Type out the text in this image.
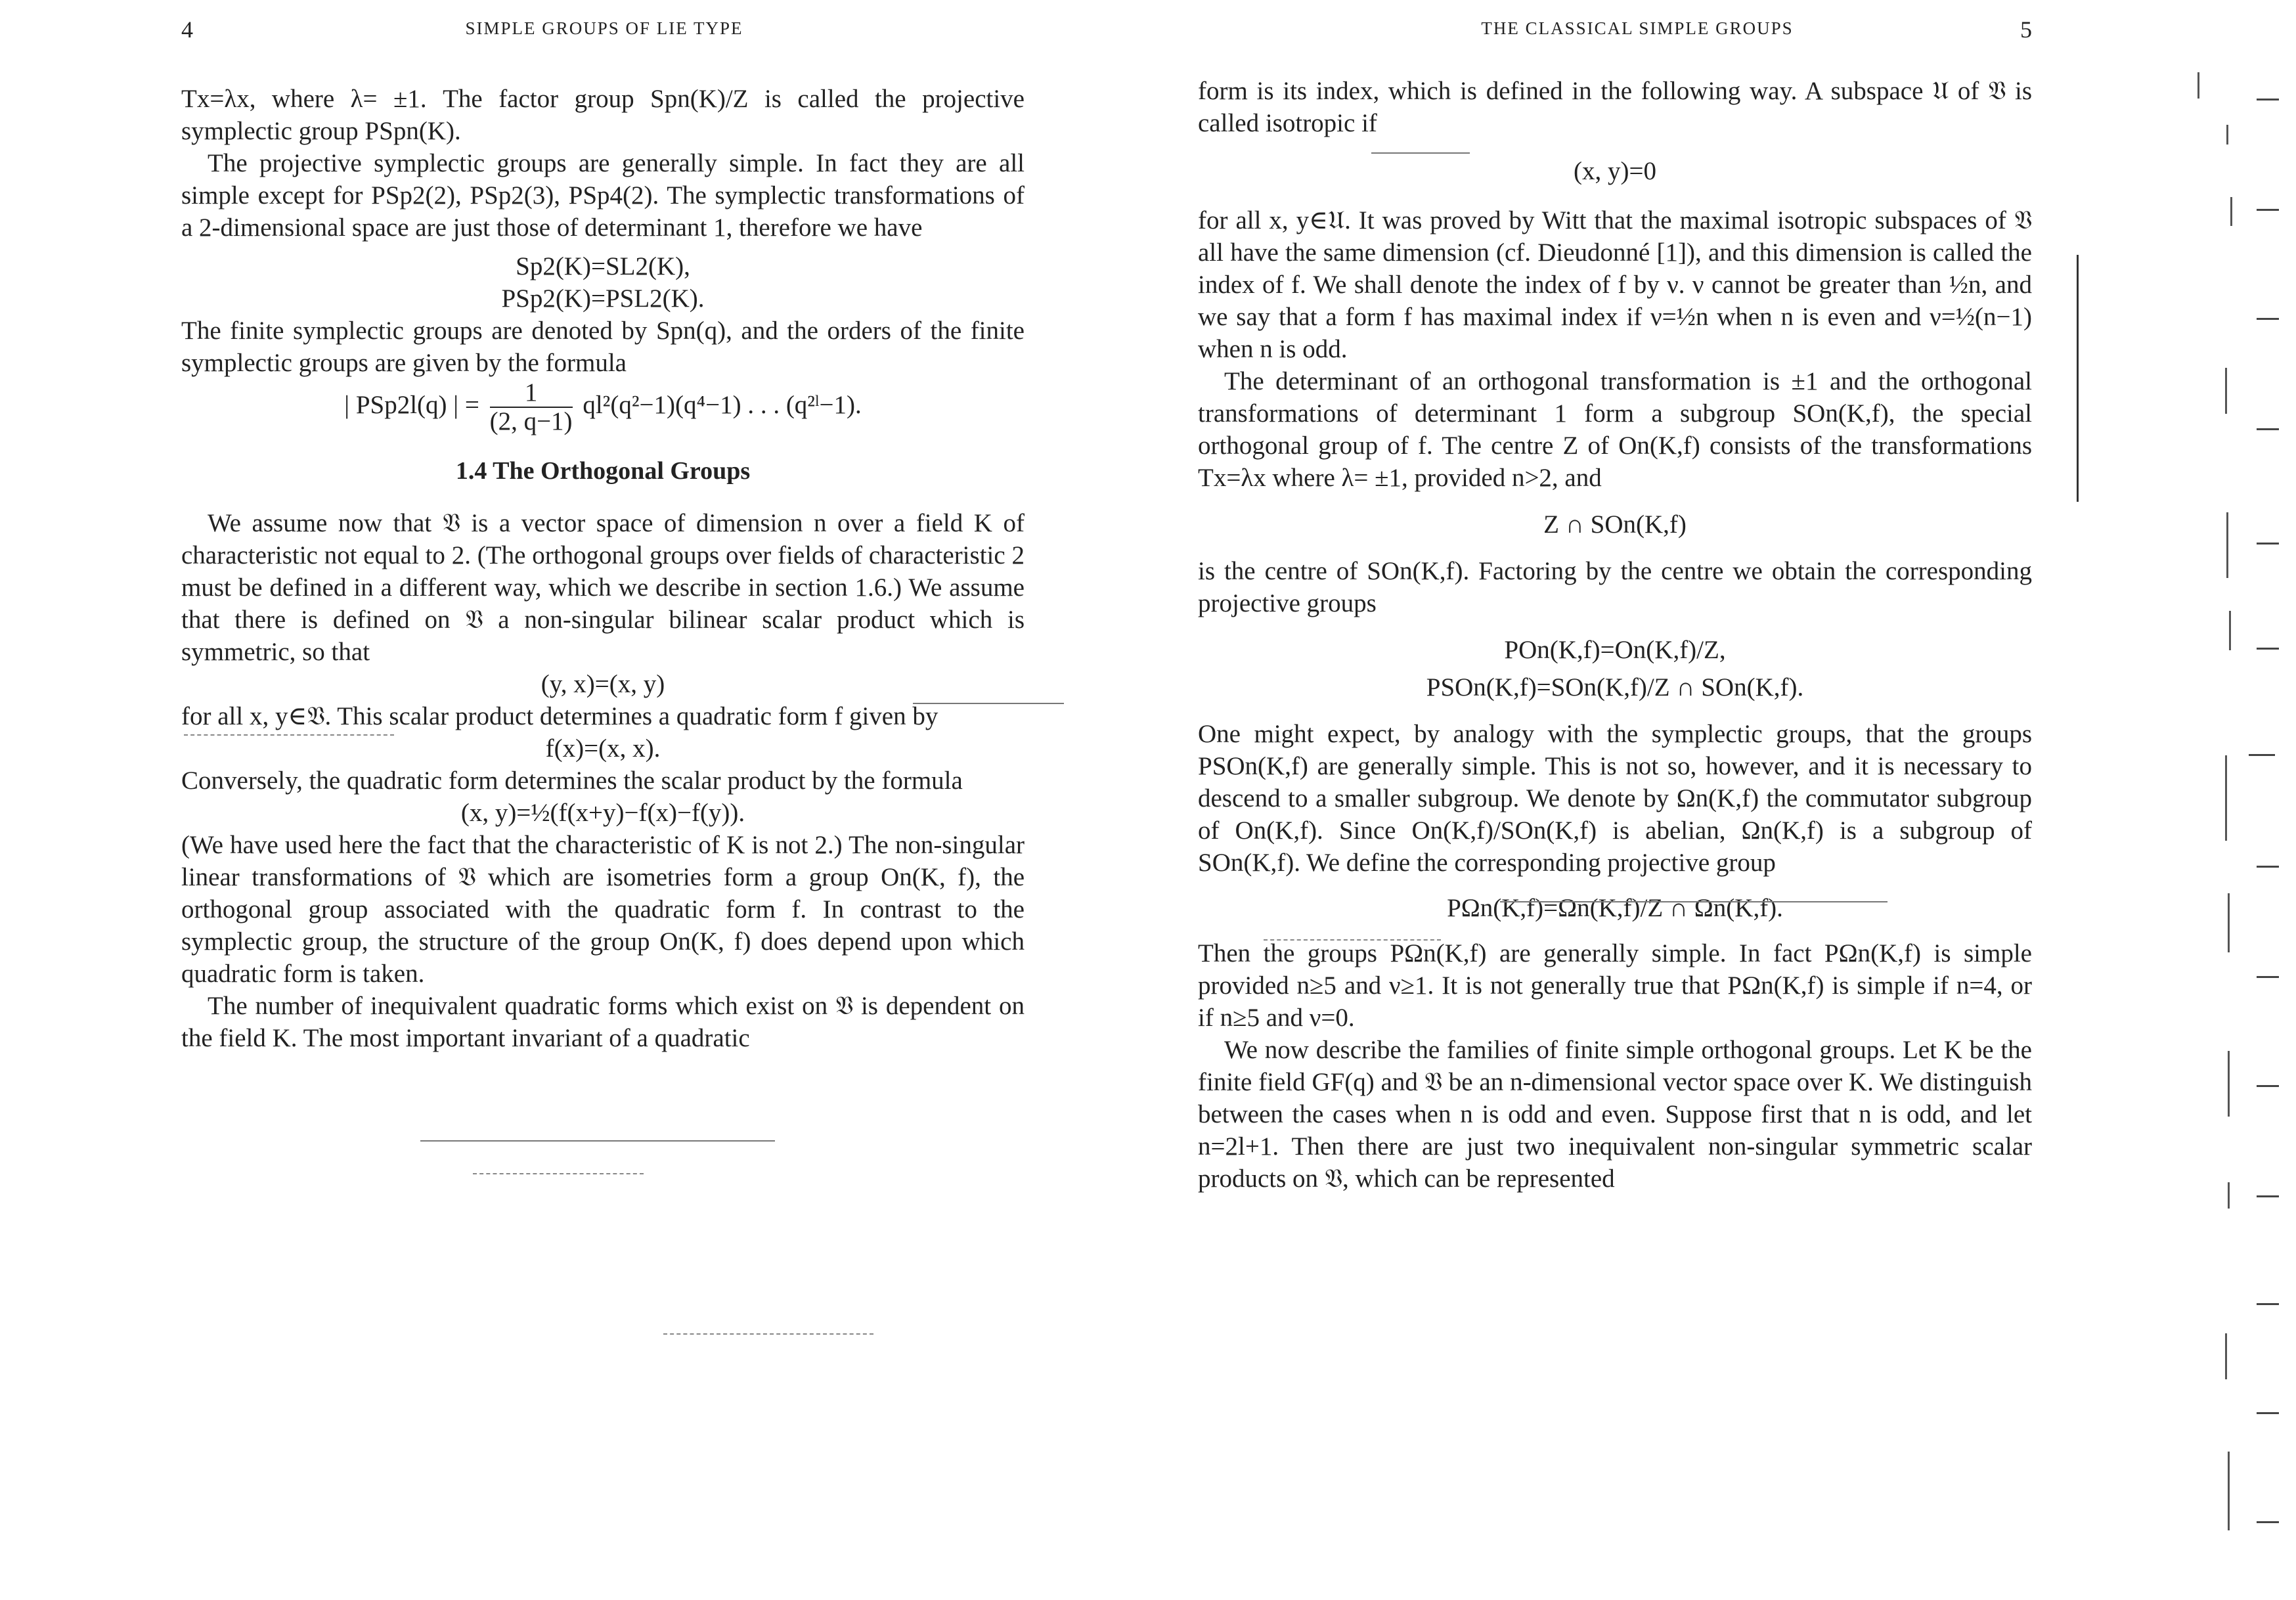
4	SIMPLE GROUPS OF LIE TYPE

Tx=λx, where λ= ±1. The factor group Spn(K)/Z is called the projective symplectic group PSpn(K).

The projective symplectic groups are generally simple. In fact they are all simple except for PSp2(2), PSp2(3), PSp4(2). The symplectic transformations of a 2-dimensional space are just those of determinant 1, therefore we have

Sp2(K)=SL2(K),

PSp2(K)=PSL2(K).

The finite symplectic groups are denoted by Spn(q), and the orders of the finite symplectic groups are given by the formula

| PSp2l(q) | = $\frac{1}{(2, q-1)} ql^2(q^2-1)(q^4-1)$ . . . (q²ˡ−1).

1.4 The Orthogonal Groups

We assume now that 𝔙 is a vector space of dimension n over a field K of characteristic not equal to 2. (The orthogonal groups over fields of characteristic 2 must be defined in a different way, which we describe in section 1.6.) We assume that there is defined on 𝔙 a non-singular bilinear scalar product which is symmetric, so that

(y, x)=(x, y)

for all x, y∈𝔙. This scalar product determines a quadratic form f given by

f(x)=(x, x).

Conversely, the quadratic form determines the scalar product by the formula

(x, y)=½(f(x+y)−f(x)−f(y)).

(We have used here the fact that the characteristic of K is not 2.) The non-singular linear transformations of 𝔙 which are isometries form a group On(K, f), the orthogonal group associated with the quadratic form f. In contrast to the symplectic group, the structure of the group On(K, f) does depend upon which quadratic form is taken.

The number of inequivalent quadratic forms which exist on 𝔙 is dependent on the field K. The most important invariant of a quadratic

THE CLASSICAL SIMPLE GROUPS	5

form is its index, which is defined in the following way. A subspace 𝔘 of 𝔙 is called isotropic if

(x, y)=0

for all x, y∈𝔘. It was proved by Witt that the maximal isotropic subspaces of 𝔙 all have the same dimension (cf. Dieudonné [1]), and this dimension is called the index of f. We shall denote the index of f by ν. ν cannot be greater than ½n, and we say that a form f has maximal index if ν=½n when n is even and ν=½(n−1) when n is odd.

The determinant of an orthogonal transformation is ±1 and the orthogonal transformations of determinant 1 form a subgroup SOn(K,f), the special orthogonal group of f. The centre Z of On(K,f) consists of the transformations Tx=λx where λ= ±1, provided n>2, and

Z ∩ SOn(K,f)

is the centre of SOn(K,f). Factoring by the centre we obtain the corresponding projective groups

POn(K,f)=On(K,f)/Z,

PSOn(K,f)=SOn(K,f)/Z ∩ SOn(K,f).

One might expect, by analogy with the symplectic groups, that the groups PSOn(K,f) are generally simple. This is not so, however, and it is necessary to descend to a smaller subgroup. We denote by Ωn(K,f) the commutator subgroup of On(K,f). Since On(K,f)/SOn(K,f) is abelian, Ωn(K,f) is a subgroup of SOn(K,f). We define the corresponding projective group

PΩn(K,f)=Ωn(K,f)/Z ∩ Ωn(K,f).

Then the groups PΩn(K,f) are generally simple. In fact PΩn(K,f) is simple provided n≥5 and ν≥1. It is not generally true that PΩn(K,f) is simple if n=4, or if n≥5 and ν=0.

We now describe the families of finite simple orthogonal groups. Let K be the finite field GF(q) and 𝔙 be an n-dimensional vector space over K. We distinguish between the cases when n is odd and even. Suppose first that n is odd, and let n=2l+1. Then there are just two inequivalent non-singular symmetric scalar products on 𝔙, which can be represented
